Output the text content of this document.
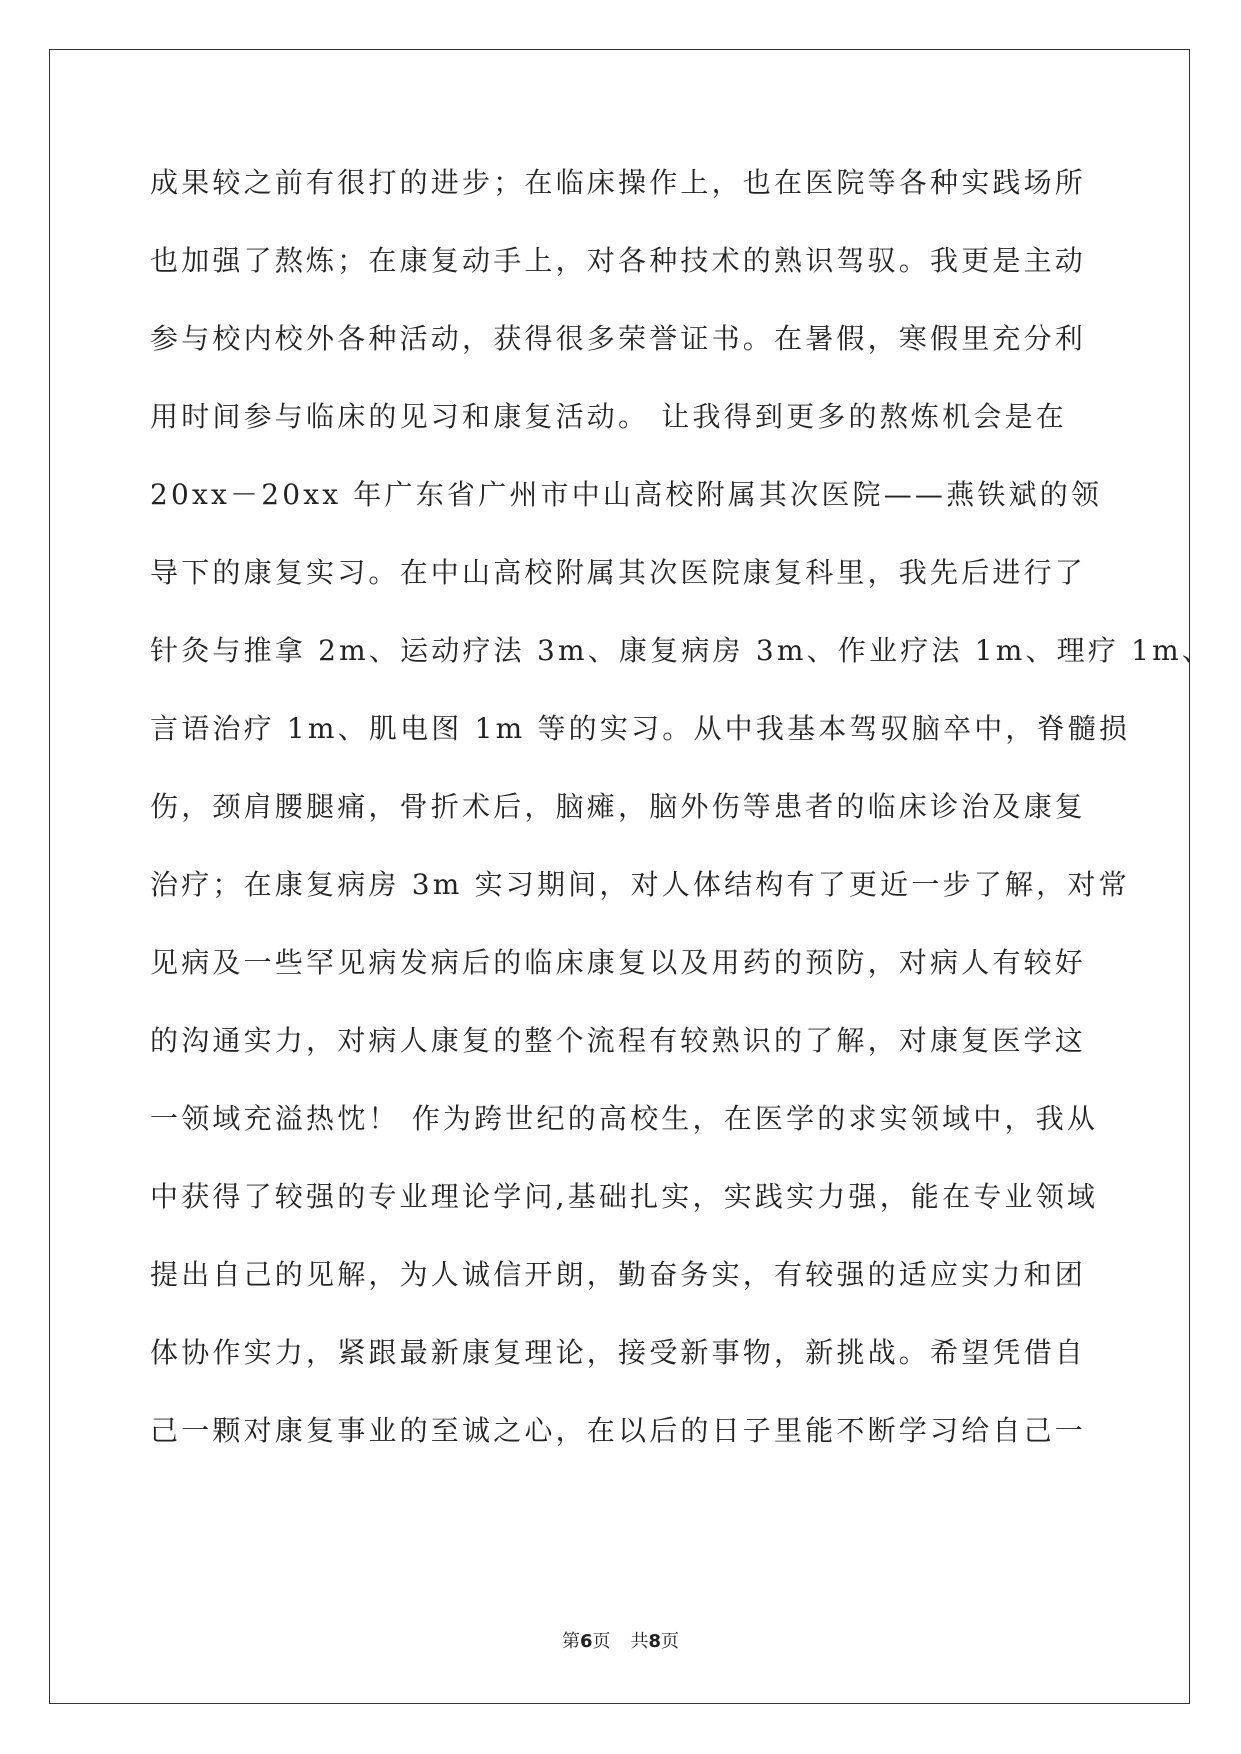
成果较之前有很打的进步；在临床操作上，也在医院等各种实践场所
也加强了熬炼；在康复动手上，对各种技术的熟识驾驭。我更是主动
参与校内校外各种活动，获得很多荣誉证书。在暑假，寒假里充分利
用时间参与临床的见习和康复活动。 让我得到更多的熬炼机会是在
20xx－20xx 年广东省广州市中山高校附属其次医院——燕铁斌的领
导下的康复实习。在中山高校附属其次医院康复科里，我先后进行了
针灸与推拿 2m、运动疗法 3m、康复病房 3m、作业疗法 1m、理疗 1m、
言语治疗 1m、肌电图 1m 等的实习。从中我基本驾驭脑卒中，脊髓损
伤，颈肩腰腿痛，骨折术后，脑瘫，脑外伤等患者的临床诊治及康复
治疗；在康复病房 3m 实习期间，对人体结构有了更近一步了解，对常
见病及一些罕见病发病后的临床康复以及用药的预防，对病人有较好
的沟通实力，对病人康复的整个流程有较熟识的了解，对康复医学这
一领域充溢热忱！ 作为跨世纪的高校生，在医学的求实领域中，我从
中获得了较强的专业理论学问,基础扎实，实践实力强，能在专业领域
提出自己的见解，为人诚信开朗，勤奋务实，有较强的适应实力和团
体协作实力，紧跟最新康复理论，接受新事物，新挑战。希望凭借自
己一颗对康复事业的至诚之心，在以后的日子里能不断学习给自己一
第6页 共8页
